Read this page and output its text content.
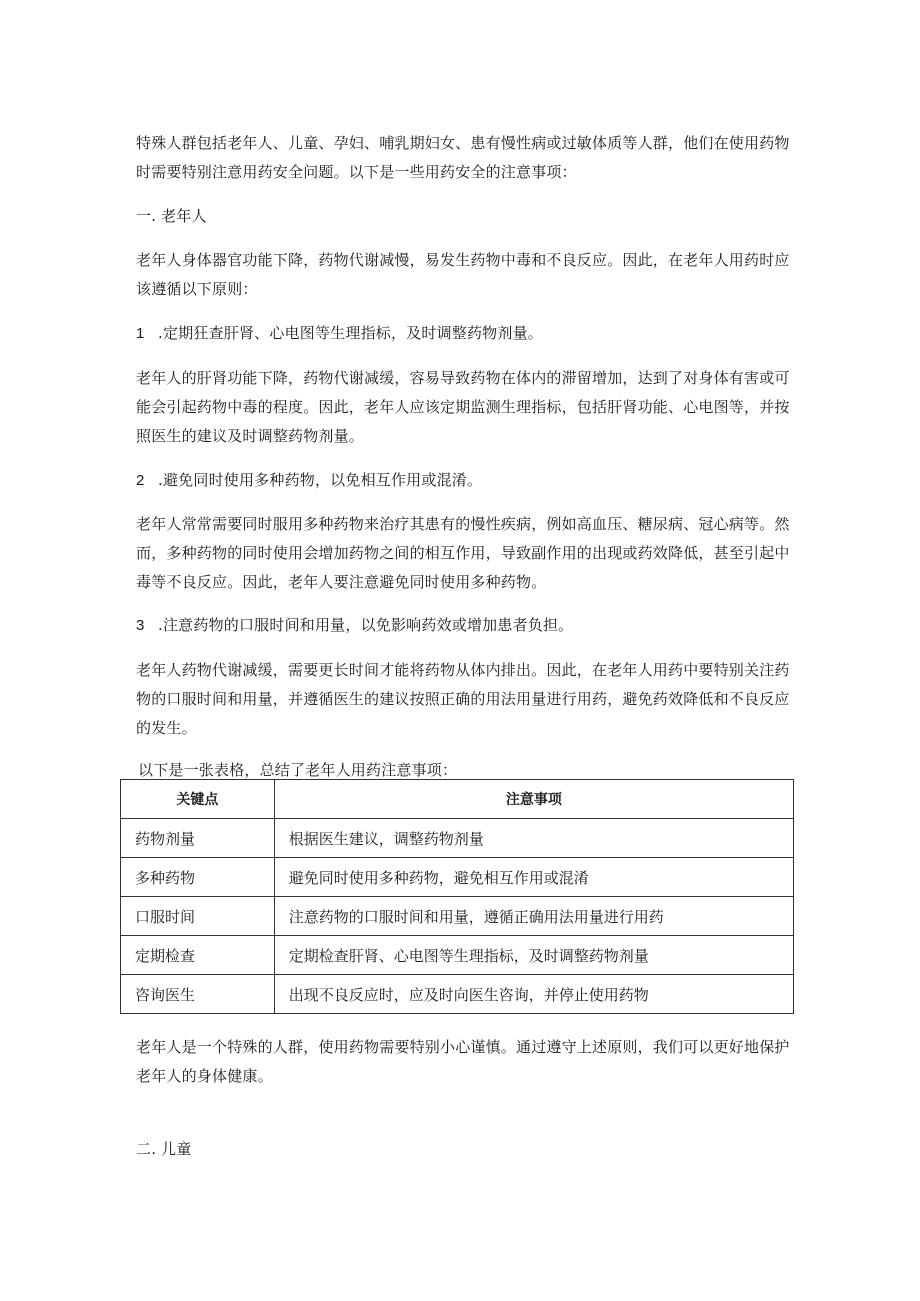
特殊人群包括老年人、儿童、孕妇、哺乳期妇女、患有慢性病或过敏体质等人群，他们在使用药物时需要特别注意用药安全问题。以下是一些用药安全的注意事项：

一. 老年人

老年人身体器官功能下降，药物代谢减慢，易发生药物中毒和不良反应。因此，在老年人用药时应该遵循以下原则：

1 .定期狂查肝肾、心电图等生理指标，及时调整药物剂量。

老年人的肝肾功能下降，药物代谢减缓，容易导致药物在体内的滞留增加，达到了对身体有害或可能会引起药物中毒的程度。因此，老年人应该定期监测生理指标，包括肝肾功能、心电图等，并按照医生的建议及时调整药物剂量。

2 .避免同时使用多种药物，以免相互作用或混淆。

老年人常常需要同时服用多种药物来治疗其患有的慢性疾病，例如高血压、糖尿病、冠心病等。然而，多种药物的同时使用会增加药物之间的相互作用，导致副作用的出现或药效降低，甚至引起中毒等不良反应。因此，老年人要注意避免同时使用多种药物。

3 .注意药物的口服时间和用量，以免影响药效或增加患者负担。

老年人药物代谢减缓，需要更长时间才能将药物从体内排出。因此，在老年人用药中要特别关注药物的口服时间和用量，并遵循医生的建议按照正确的用法用量进行用药，避免药效降低和不良反应的发生。

以下是一张表格，总结了老年人用药注意事项：

关键点	注意事项
药物剂量	根据医生建议，调整药物剂量
多种药物	避免同时使用多种药物，避免相互作用或混淆
口服时间	注意药物的口服时间和用量，遵循正确用法用量进行用药
定期检查	定期检查肝肾、心电图等生理指标，及时调整药物剂量
咨询医生	出现不良反应时，应及时向医生咨询，并停止使用药物

老年人是一个特殊的人群，使用药物需要特别小心谨慎。通过遵守上述原则，我们可以更好地保护老年人的身体健康。

二. 儿童
